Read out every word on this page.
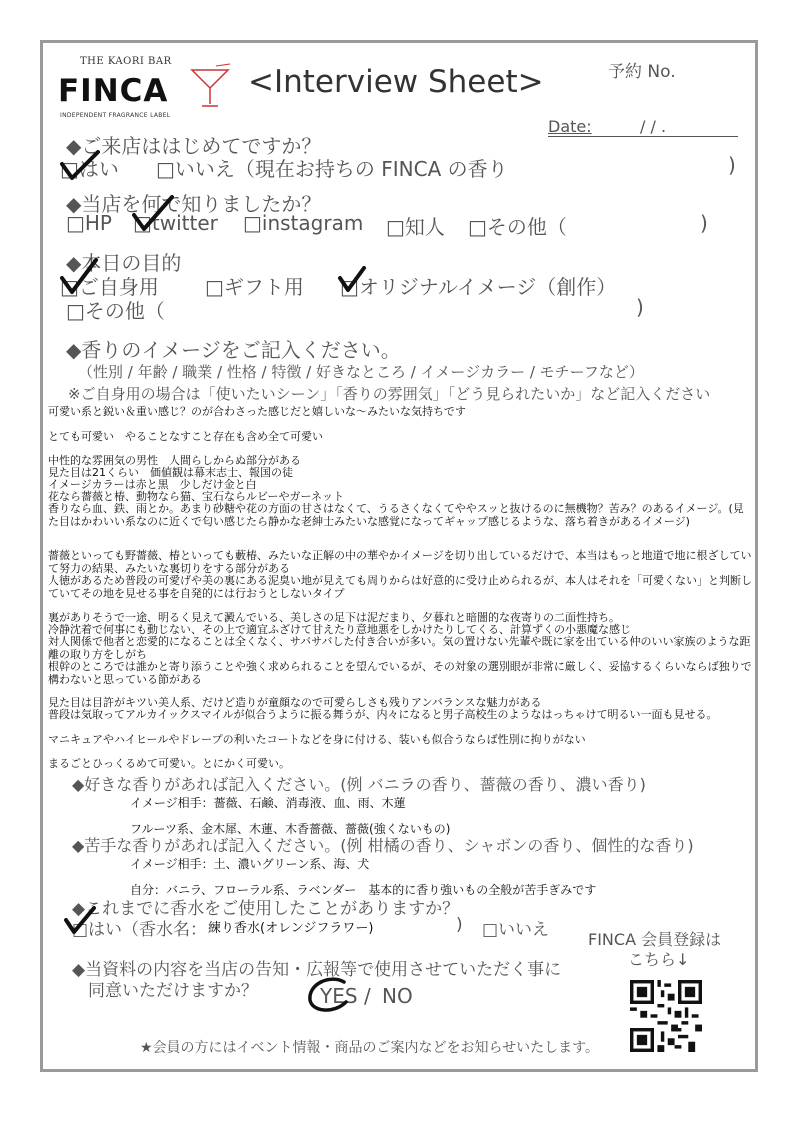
THE KAORI BAR
FINCA
INDEPENDENT FRAGRANCE LABEL
<Interview Sheet>	予約 No.
Date:	/ / .
◆ご来店ははじめてですか？
□はい □いいえ（現在お持ちの FINCA の香り	)
◆当店を何で知りましたか？
□HP □twitter □instagram □知人 □その他（	)
◆本日の目的
□ご自身用 □ギフト用 □オリジナルイメージ（創作）
□その他（	)
◆香りのイメージをご記入ください。
（性別 / 年齢 / 職業 / 性格 / 特徴 / 好きなところ / イメージカラー / モチーフなど）
※ご自身用の場合は「使いたいシーン」「香りの雰囲気」「どう見られたいか」など記入ください
可愛い系と鋭い＆重い感じ？のが合わさった感じだと嬉しいな〜みたいな気持ちです
とても可愛い　やることなすこと存在も含め全て可愛い
中性的な雰囲気の男性　人間らしからぬ部分がある
見た目は21くらい　価値観は幕末志士、報国の徒
イメージカラーは赤と黒　少しだけ金と白
花なら薔薇と椿、動物なら猫、宝石ならルビーやガーネット
香りなら血、鉄、雨とか。あまり砂糖や花の方面の甘さはなくて、うるさくなくてややスッと抜けるのに無機物？苦み？のあるイメージ。(見た目はかわいい系なのに近くで匂い感じたら静かな老紳士みたいな感覚になってギャップ感じるような、落ち着きがあるイメージ)
薔薇といっても野薔薇、椿といっても藪椿、みたいな正解の中の華やかイメージを切り出しているだけで、本当はもっと地道で地に根ざしていて努力の結果、みたいな裏切りをする部分がある
人徳があるため普段の可愛げや美の裏にある泥臭い地が見えても周りからは好意的に受け止められるが、本人はそれを「可愛くない」と判断していてその地を見せる事を自発的には行おうとしないタイプ
裏がありそうで一途、明るく見えて澱んでいる、美しさの足下は泥だまり、夕暮れと暗闇的な夜寄りの二面性持ち。
冷静沈着で何事にも動じない、その上で適宜ふざけて甘えたり意地悪をしかけたりしてくる、計算ずくの小悪魔な感じ
対人関係で他者と恋愛的になることは全くなく、サバサバした付き合いが多い。気の置けない先輩や既に家を出ている仲のいい家族のような距離の取り方をしがち
根幹のところでは誰かと寄り添うことや強く求められることを望んでいるが、その対象の選別眼が非常に厳しく、妥協するくらいならば独りで構わないと思っている節がある
見た目は目許がキツい美人系、だけど造りが童顔なので可愛らしさも残りアンバランスな魅力がある
普段は気取ってアルカイックスマイルが似合うように振る舞うが、内々になると男子高校生のようなはっちゃけて明るい一面も見せる。
マニキュアやハイヒールやドレープの利いたコートなどを身に付ける、装いも似合うならば性別に拘りがない
まるごとひっくるめて可愛い。とにかく可愛い。
◆好きな香りがあれば記入ください。(例 バニラの香り、薔薇の香り、濃い香り)
イメージ相手：薔薇、石鹸、消毒液、血、雨、木蓮
フルーツ系、金木犀、木蓮、木香薔薇、薔薇(強くないもの)
◆苦手な香りがあれば記入ください。(例 柑橘の香り、シャボンの香り、個性的な香り)
イメージ相手：土、濃いグリーン系、海、犬
自分：バニラ、フローラル系、ラベンダー　基本的に香り強いもの全般が苦手ぎみです
◆これまでに香水をご使用したことがありますか？
□はい（香水名： 練り香水(オレンジフラワー)	) □いいえ
◆当資料の内容を当店の告知・広報等で使用させていただく事に
同意いただけますか？	YES / NO
FINCA 会員登録は
こちら↓
★会員の方にはイベント情報・商品のご案内などをお知らせいたします。
